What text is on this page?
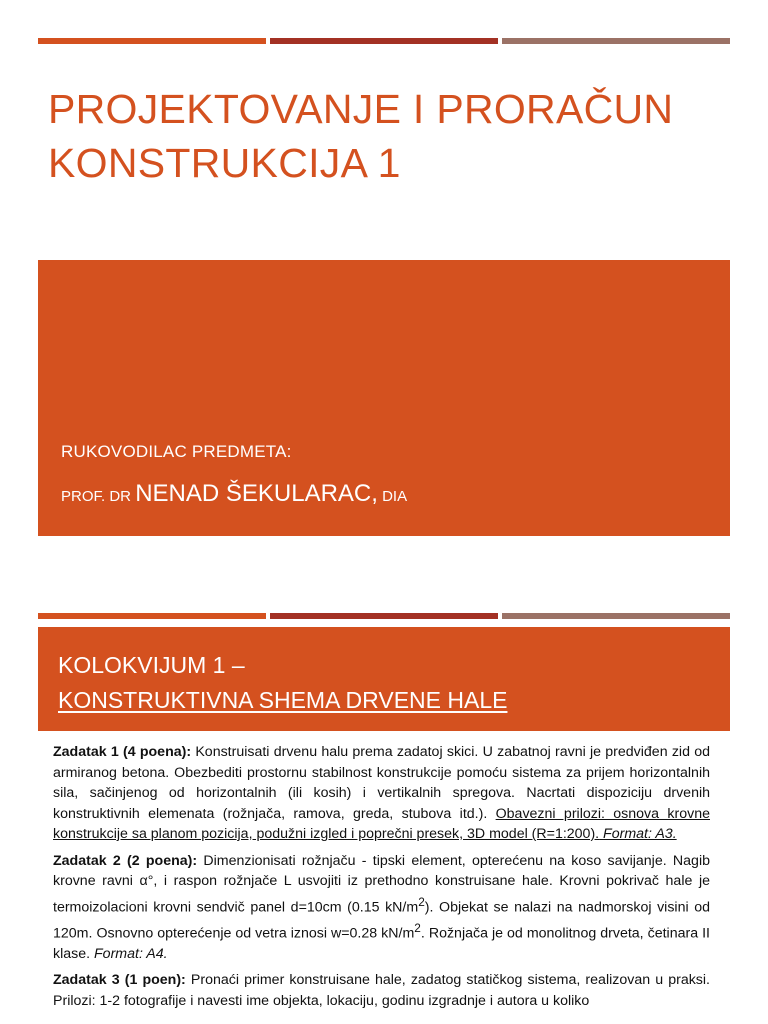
PROJEKTOVANJE I PRORAČUN
KONSTRUKCIJA 1
RUKOVODILAC PREDMETA:
PROF. DR NENAD ŠEKULARAC, DIA
KOLOKVIJUM 1 –
KONSTRUKTIVNA SHEMA DRVENE HALE

Zadatak 1 (4 poena): Konstruisati drvenu halu prema zadatoj skici. U zabatnoj ravni je predviđen zid od armiranog betona. Obezbediti prostornu stabilnost konstrukcije pomoću sistema za prijem horizontalnih sila, sačinjenog od horizontalnih (ili kosih) i vertikalnih spregova. Nacrtati dispoziciju drvenih konstruktivnih elemenata (rožnjača, ramova, greda, stubova itd.). Obavezni prilozi: osnova krovne konstrukcije sa planom pozicija, podužni izgled i poprečni presek, 3D model (R=1:200). Format: A3.

Zadatak 2 (2 poena): Dimenzionisati rožnjaču - tipski element, opterećenu na koso savijanje. Nagib krovne ravni α°, i raspon rožnjače L usvojiti iz prethodno konstruisane hale. Krovni pokrivač hale je termoizolacioni krovni sendvič panel d=10cm (0.15 $kN/m^2$). Objekat se nalazi na nadmorskoj visini od 120m. Osnovno opterećenje od vetra iznosi w=0.28 $kN/m^2$. Rožnjača je od monolitnog drveta, četinara II klase. Format: A4.

Zadatak 3 (1 poen): Pronaći primer konstruisane hale, zadatog statičkog sistema, realizovan u praksi. Prilozi: 1-2 fotografije i navesti ime objekta, lokaciju, godinu izgradnje i autora u koliko
